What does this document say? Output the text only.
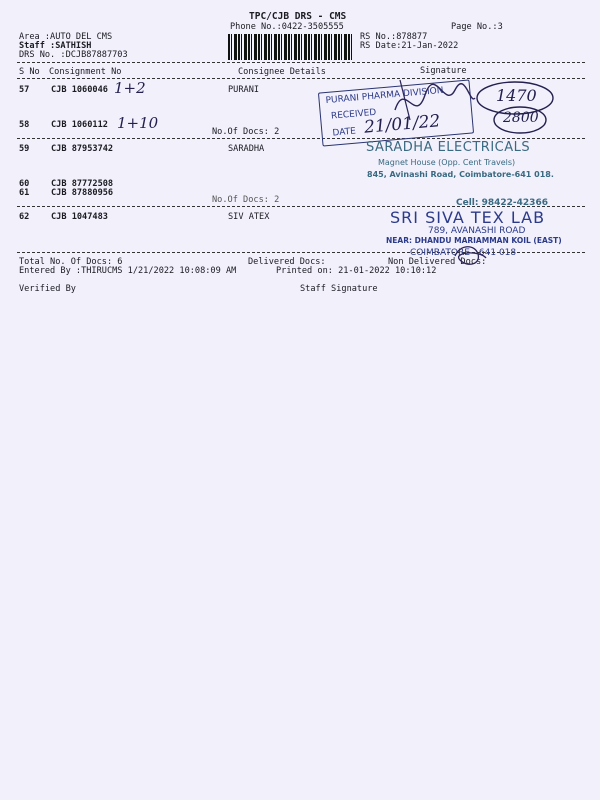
TPC/CJB DRS - CMS
Phone No.:0422-3505555	Page No.:3
Area :AUTO DEL CMS
Staff :SATHISH
DRS No. :DCJB87887703
RS No.:878877
RS Date:21-Jan-2022
S No Consignment No	Consignee Details	Signature
57	CJB 1060046 1+2	PURANI
58	CJB 1060112 1+10	No.Of Docs: 2
59	CJB 87953742	SARADHA
60	CJB 87772508
61	CJB 87880956
No.Of Docs: 2
62	CJB 1047483	SIV ATEX
Total No. Of Docs: 6	Delivered Docs:	Non Delivered Docs:
Entered By :THIRUCMS 1/21/2022 10:08:09 AM	Printed on: 21-01-2022 10:10:12
Verified By	Staff Signature
PURANI PHARMA DIVISION
RECEIVED
DATE 21/01/22
1470
2800
SARADHA ELECTRICALS
Magnet House (Opp. Cent Travels)
845, Avinashi Road, Coimbatore-641 018.
Cell: 98422-42366
SRI SIVA TEX LAB
789, AVANASHI ROAD
NEAR: DHANDU MARIAMMAN KOIL (EAST)
COIMBATORE - 641 018
